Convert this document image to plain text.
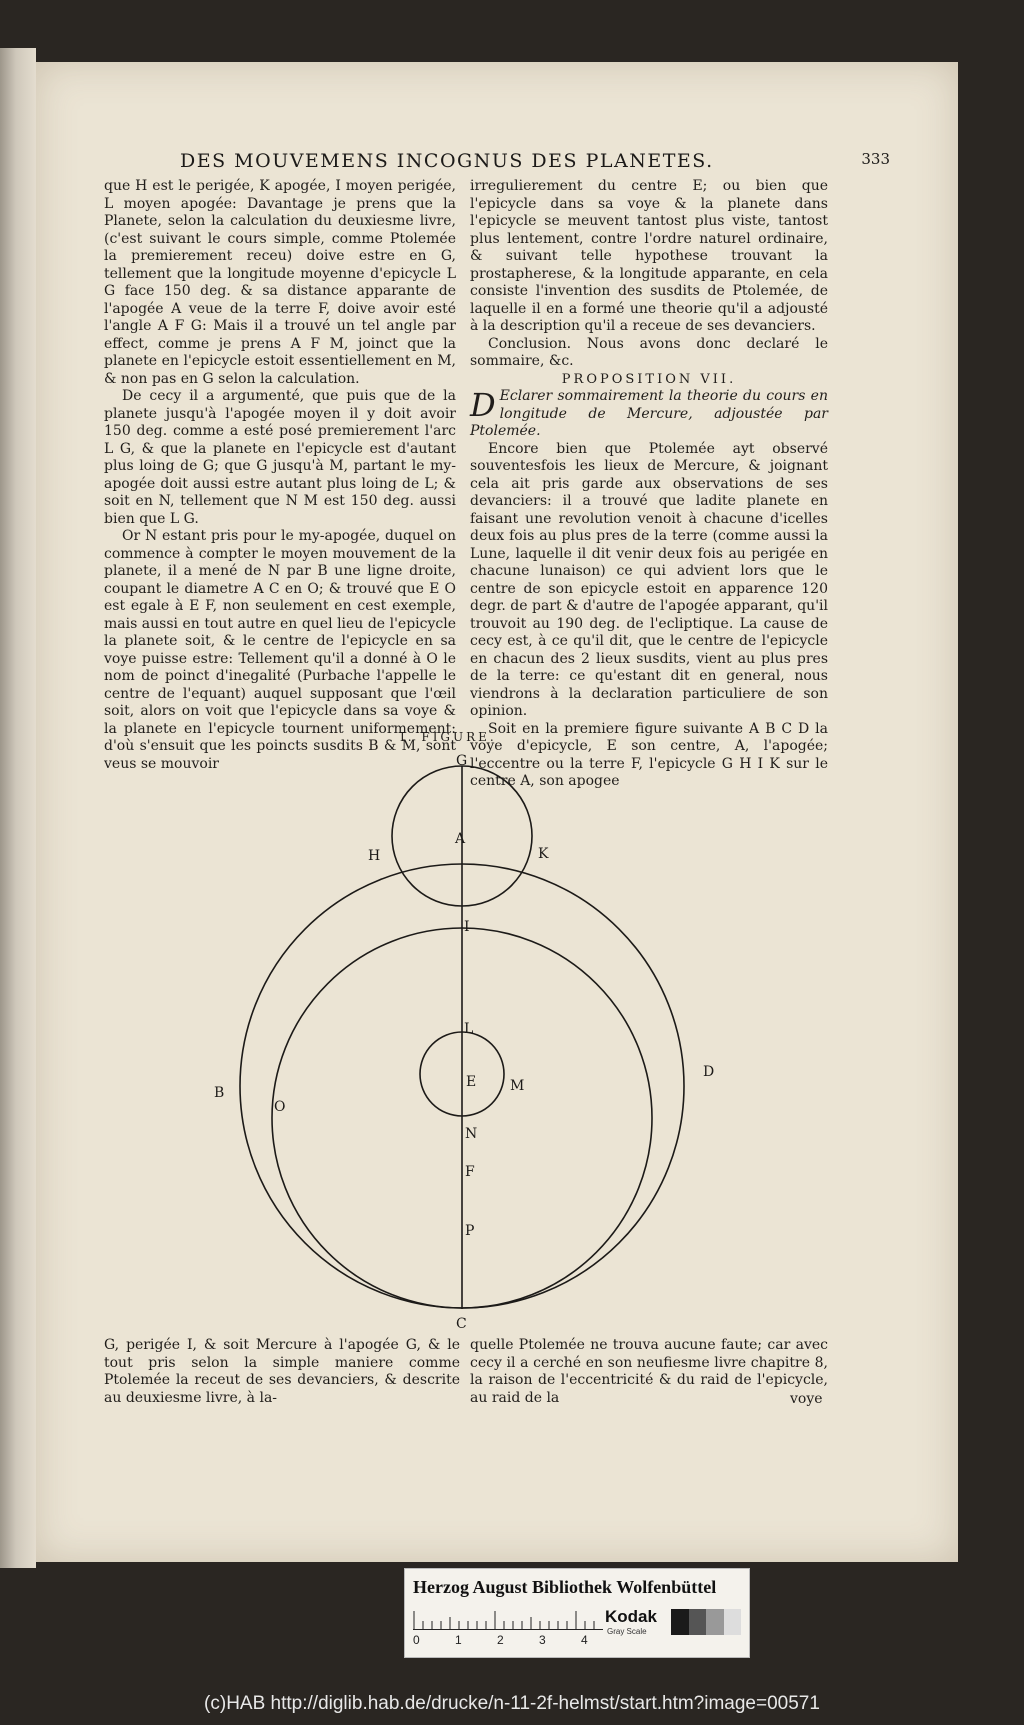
DES MOUVEMENS INCOGNUS DES PLANETES.	333

que H est le perigée, K apogée, I moyen perigée, L moyen apogée: Davantage je prens que la Planete, selon la calculation du deuxiesme livre, (c'est suivant le cours simple, comme Ptolemée la premierement receu) doive estre en G, tellement que la longitude moyenne d'epicycle L G face 150 deg. & sa distance apparante de l'apogée A veue de la terre F, doive avoir esté l'angle A F G: Mais il a trouvé un tel angle par effect, comme je prens A F M, joinct que la planete en l'epicycle estoit essentiellement en M, & non pas en G selon la calculation.

De cecy il a argumenté, que puis que de la planete jusqu'à l'apogée moyen il y doit avoir 150 deg. comme a esté posé premierement l'arc L G, & que la planete en l'epicycle est d'autant plus loing de G; que G jusqu'à M, partant le my-apogée doit aussi estre autant plus loing de L; & soit en N, tellement que N M est 150 deg. aussi bien que L G.

Or N estant pris pour le my-apogée, duquel on commence à compter le moyen mouvement de la planete, il a mené de N par B une ligne droite, coupant le diametre A C en O; & trouvé que E O est egale à E F, non seulement en cest exemple, mais aussi en tout autre en quel lieu de l'epicycle la planete soit, & le centre de l'epicycle en sa voye puisse estre: Tellement qu'il a donné à O le nom de poinct d'inegalité (Purbache l'appelle le centre de l'equant) auquel supposant que l'œil soit, alors on voit que l'epicycle dans sa voye & la planete en l'epicycle tournent uniformement: d'où s'ensuit que les poincts susdits B & M, sont veus se mouvoir

irregulierement du centre E; ou bien que l'epicycle dans sa voye & la planete dans l'epicycle se meuvent tantost plus viste, tantost plus lentement, contre l'ordre naturel ordinaire, & suivant telle hypothese trouvant la prostapherese, & la longitude apparante, en cela consiste l'invention des susdits de Ptolemée, de laquelle il en a formé une theorie qu'il a adjousté à la description qu'il a receue de ses devanciers.

Conclusion. Nous avons donc declaré le sommaire, &c.

PROPOSITION VII.

D Eclarer sommairement la theorie du cours en longitude de Mercure, adjoustée par Ptolemée.

Encore bien que Ptolemée ayt observé souventesfois les lieux de Mercure, & joignant cela ait pris garde aux observations de ses devanciers: il a trouvé que ladite planete en faisant une revolution venoit à chacune d'icelles deux fois au plus pres de la terre (comme aussi la Lune, laquelle il dit venir deux fois au perigée en chacune lunaison) ce qui advient lors que le centre de son epicycle estoit en apparence 120 degr. de part & d'autre de l'apogée apparant, qu'il trouvoit au 190 deg. de l'ecliptique. La cause de cecy est, à ce qu'il dit, que le centre de l'epicycle en chacun des 2 lieux susdits, vient au plus pres de la terre: ce qu'estant dit en general, nous viendrons à la declaration particuliere de son opinion.

Soit en la premiere figure suivante A B C D la voye d'epicycle, E son centre, A, l'apogée; l'eccentre ou la terre F, l'epicycle G H I K sur le centre A, son apogee

I. FIGURE.
G
A
H	K
I
L
E M
N
F
P
C
B
O
D
G, perigée I, & soit Mercure à l'apogée G, & le tout pris selon la simple maniere comme Ptolemée la receut de ses devanciers, & descrite au deuxiesme livre, à la-
quelle Ptolemée ne trouva aucune faute; car avec cecy il a cerché en son neufiesme livre chapitre 8, la raison de l'eccentricité & du raid de l'epicycle, au raid de la	voye
Herzog August Bibliothek Wolfenbüttel
0	1	2	3	4
Kodak
Gray Scale
(c)HAB http://diglib.hab.de/drucke/n-11-2f-helmst/start.htm?image=00571
